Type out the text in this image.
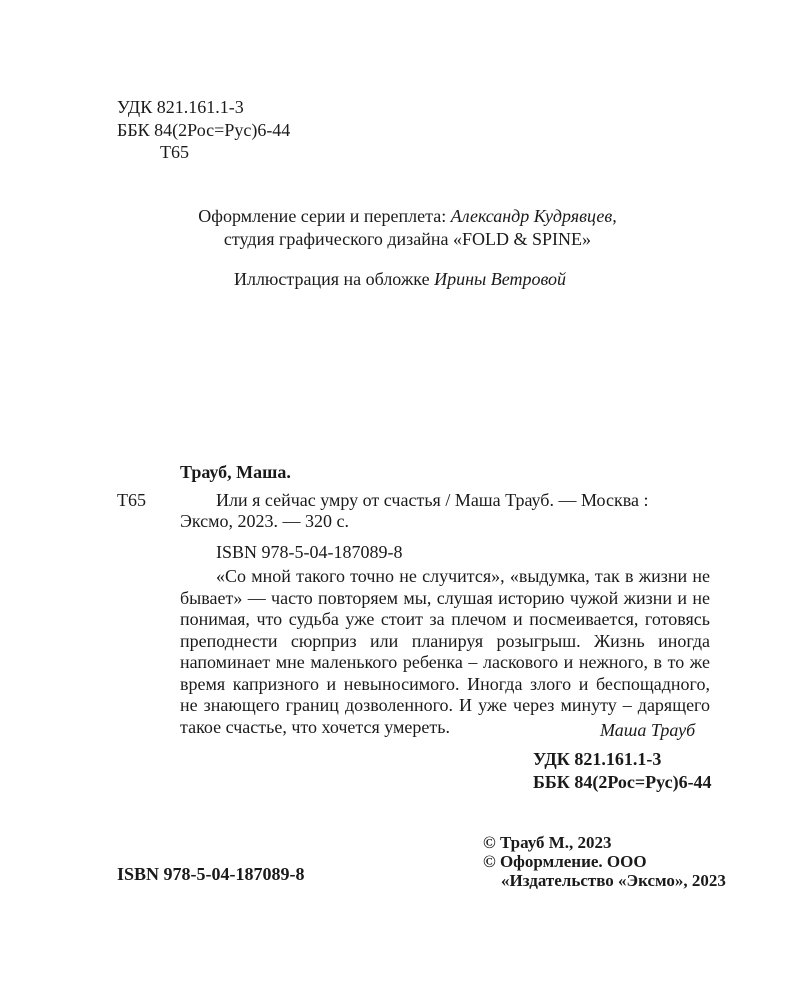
УДК 821.161.1-3
ББК 84(2Рос=Рус)6-44
Т65
Оформление серии и переплета: Александр Кудрявцев,
студия графического дизайна «FOLD & SPINE»
Иллюстрация на обложке Ирины Ветровой
Трауб, Маша.
Т65	Или я сейчас умру от счастья / Маша Трауб. — Москва :
Эксмо, 2023. — 320 с.
ISBN 978-5-04-187089-8
«Со мной такого точно не случится», «выдумка, так в жизни не бывает» — часто повторяем мы, слушая историю чужой жизни и не понимая, что судьба уже стоит за плечом и посмеивается, готовясь преподнести сюрприз или планируя розыгрыш. Жизнь иногда напоминает мне маленького ребенка – ласкового и нежного, в то же время капризного и невыносимого. Иногда злого и беспощадного, не знающего границ дозволенного. И уже через минуту – дарящего такое счастье, что хочется умереть.	Маша Трауб
УДК 821.161.1-3
ББК 84(2Рос=Рус)6-44
© Трауб М., 2023
© Оформление. ООО
«Издательство «Эксмо», 2023
ISBN 978-5-04-187089-8
